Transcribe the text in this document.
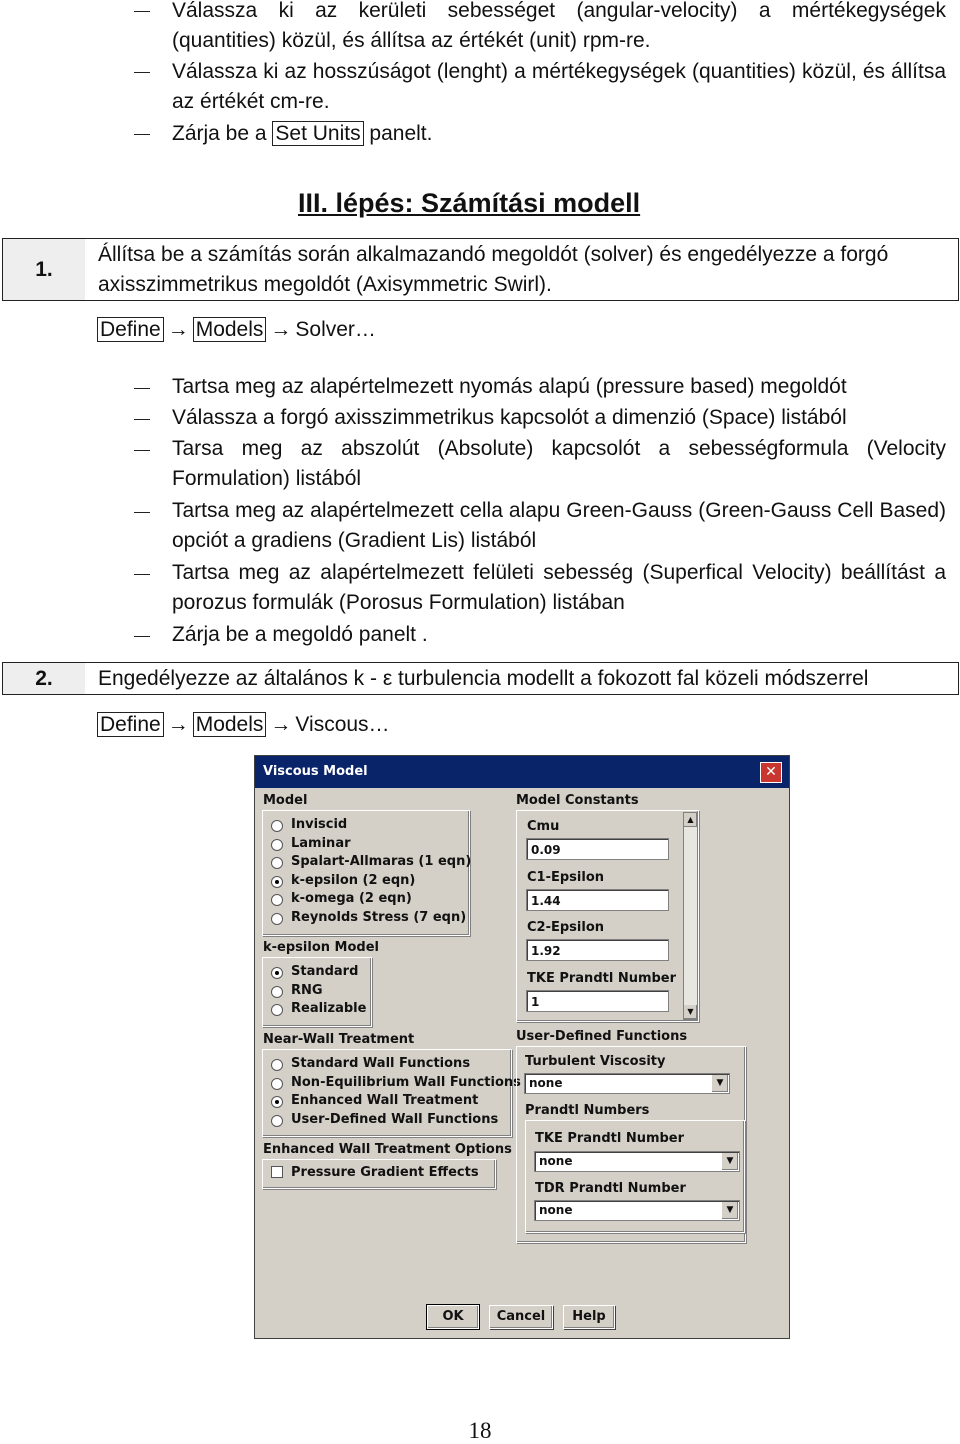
Válassza ki az kerületi sebességet (angular-velocity) a mértékegységek (quantities) közül, és állítsa az értékét (unit) rpm-re.
Válassza ki az hosszúságot (lenght) a mértékegységek (quantities) közül, és állítsa az értékét cm-re.
Zárja be a Set Units panelt.
III. lépés: Számítási modell
1.
Állítsa be a számítás során alkalmazandó megoldót (solver) és engedélyezze a forgó
axisszimmetrikus megoldót (Axisymmetric Swirl).
Define → Models → Solver…
Tartsa meg az alapértelmezett nyomás alapú (pressure based) megoldót
Válassza a forgó axisszimmetrikus kapcsolót a dimenzió (Space) listából
Tarsa meg az abszolút (Absolute) kapcsolót a sebességformula (Velocity Formulation) listából
Tartsa meg az alapértelmezett cella alapu Green-Gauss (Green-Gauss Cell Based) opciót a gradiens (Gradient Lis) listából
Tartsa meg az alapértelmezett felületi sebesség (Superfical Velocity) beállítást a porozus formulák (Porosus Formulation) listában
Zárja be a megoldó panelt .
2.	Engedélyezze az általános k - ε turbulencia modellt a fokozott fal közeli módszerrel
Define → Models → Viscous…
Viscous Model	✕
Model
Inviscid
Laminar
Spalart-Allmaras (1 eqn)
k-epsilon (2 eqn)
k-omega (2 eqn)
Reynolds Stress (7 eqn)
k-epsilon Model
Standard
RNG
Realizable
Near-Wall Treatment
Standard Wall Functions
Non-Equilibrium Wall Functions
Enhanced Wall Treatment
User-Defined Wall Functions
Enhanced Wall Treatment Options
Pressure Gradient Effects
Model Constants
Cmu
0.09
C1-Epsilon
1.44
C2-Epsilon
1.92
TKE Prandtl Number
1
▲
▼
User-Defined Functions
Turbulent Viscosity
none	▼
Prandtl Numbers
TKE Prandtl Number
none	▼
TDR Prandtl Number
none	▼
OK	Cancel	Help
18
